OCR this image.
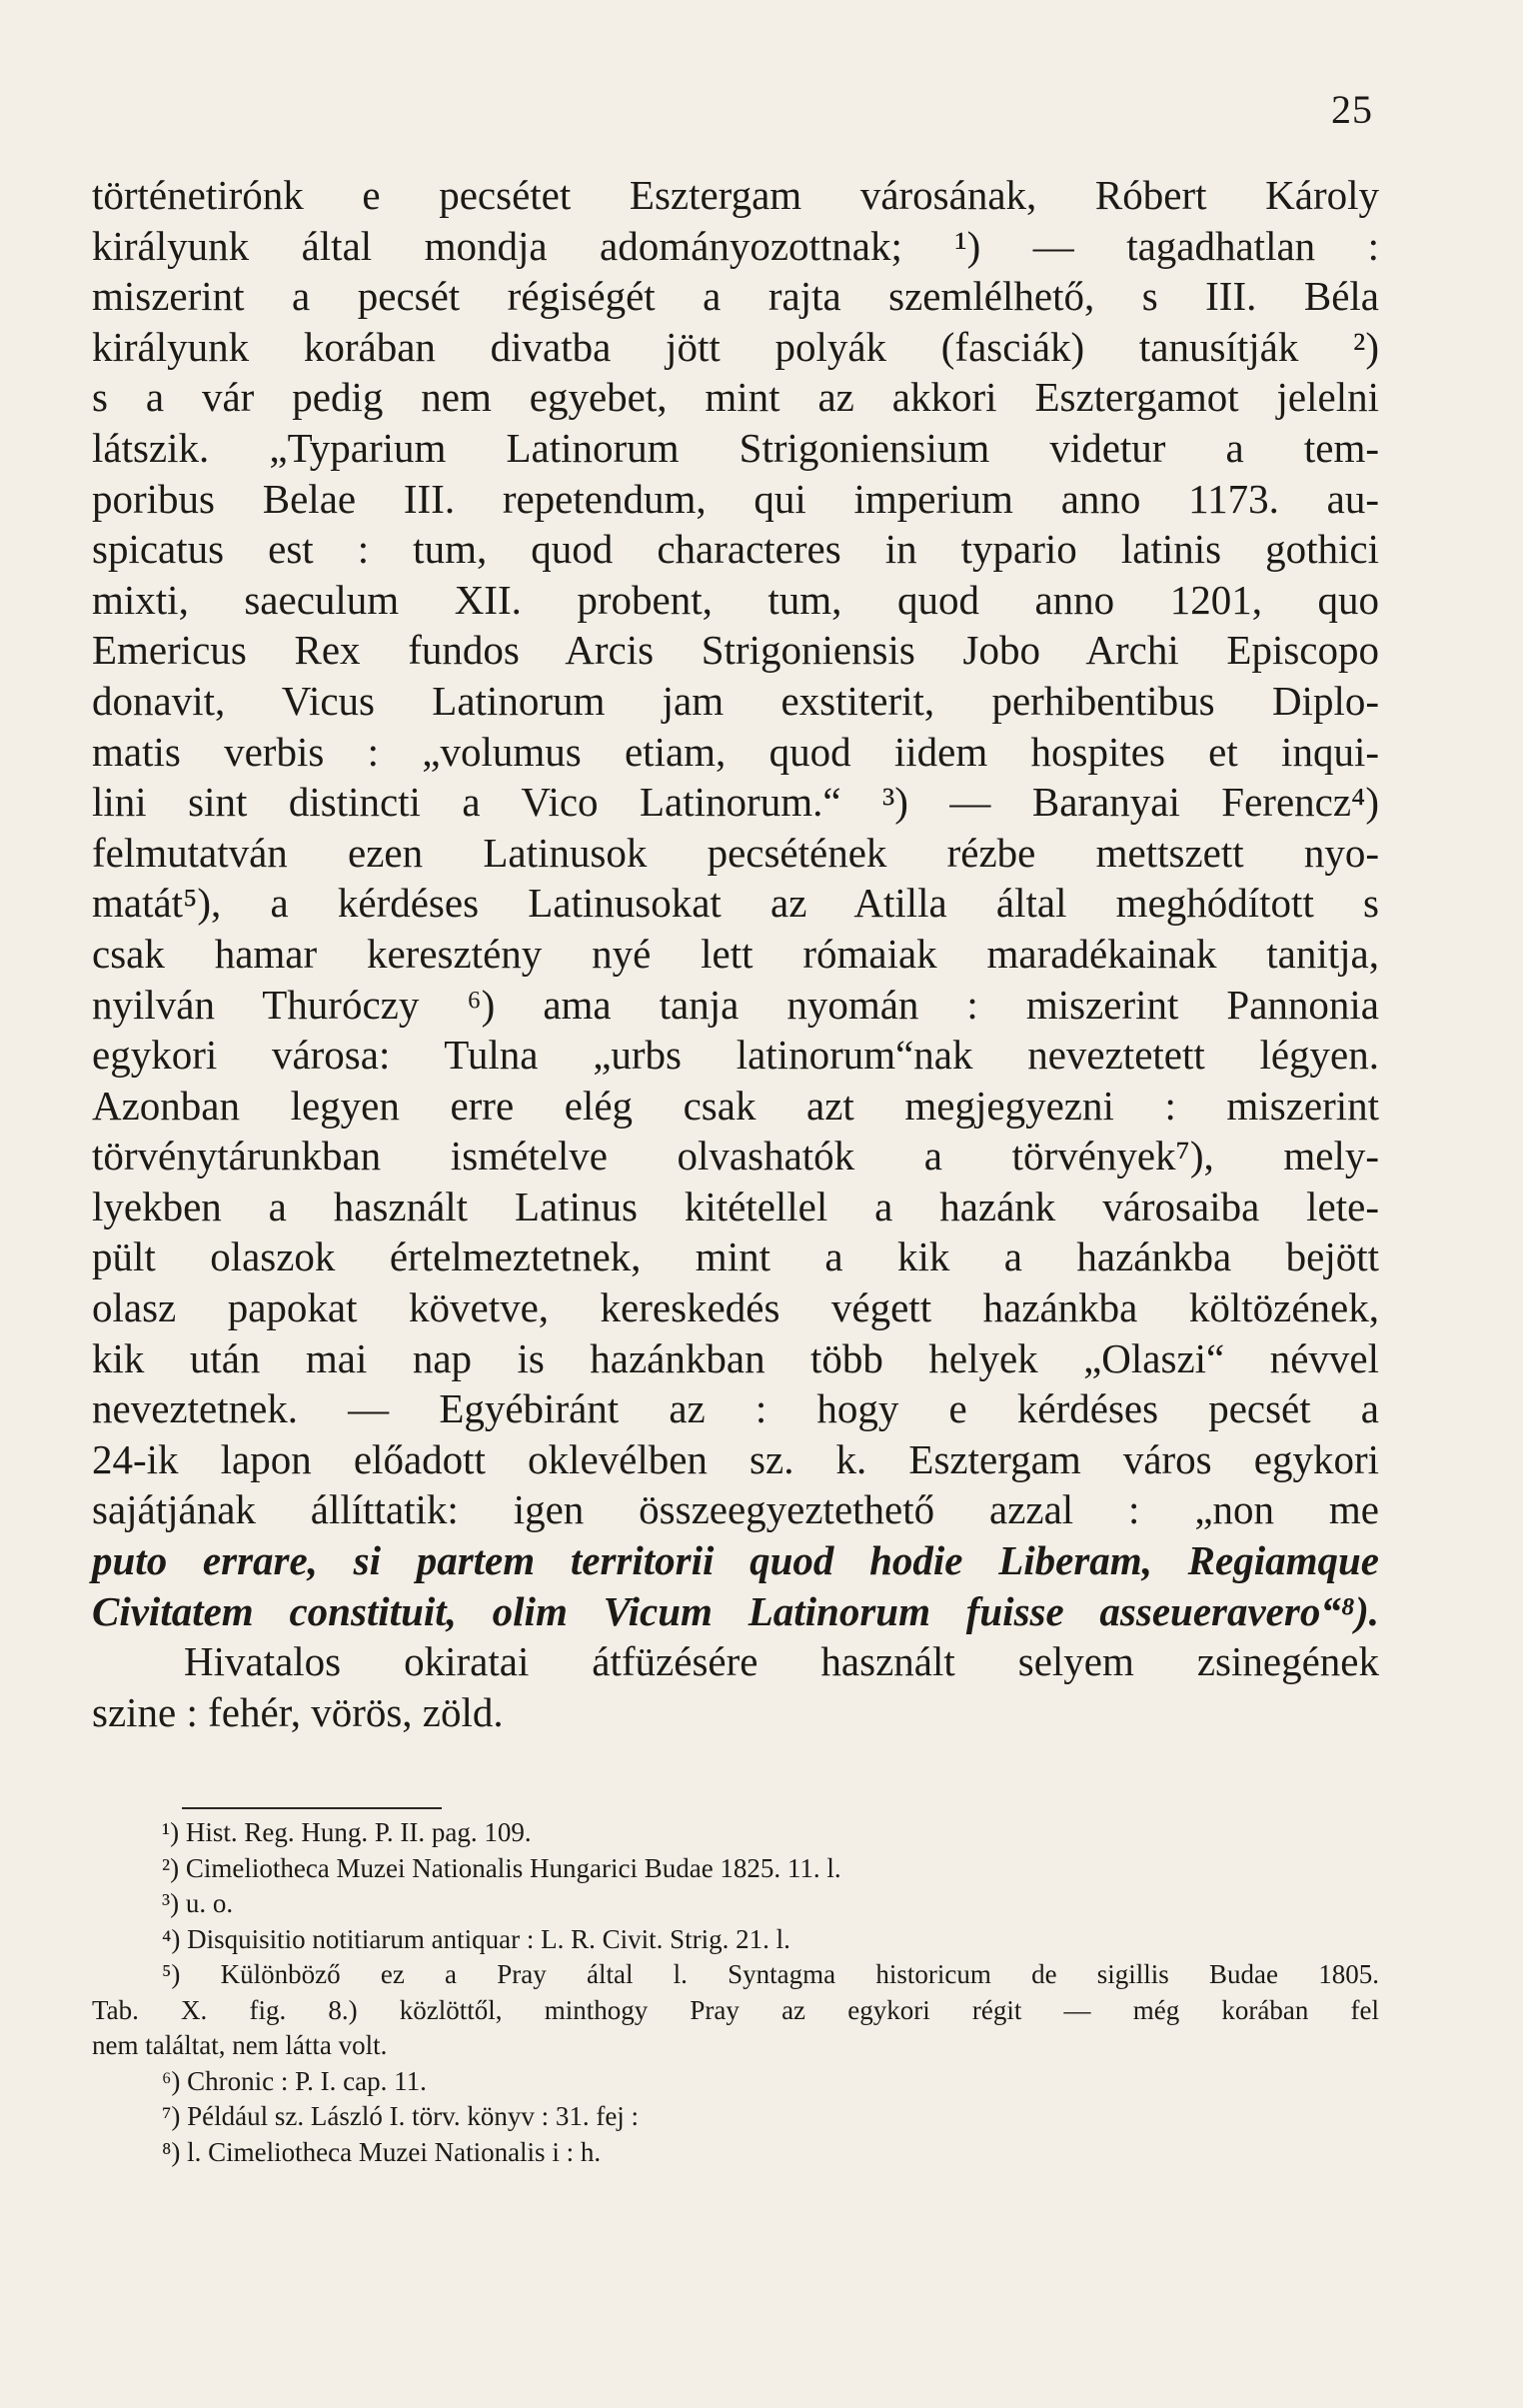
25
történetirónk e pecsétet Esztergam városának, Róbert Károly
királyunk által mondja adományozottnak; ¹) — tagadhatlan :
miszerint a pecsét régiségét a rajta szemlélhető, s III. Béla
királyunk korában divatba jött polyák (fasciák) tanusítják ²)
s a vár pedig nem egyebet, mint az akkori Esztergamot jelelni
látszik. „Typarium Latinorum Strigoniensium videtur a tem-
poribus Belae III. repetendum, qui imperium anno 1173. au-
spicatus est : tum, quod characteres in typario latinis gothici
mixti, saeculum XII. probent, tum, quod anno 1201, quo
Emericus Rex fundos Arcis Strigoniensis Jobo Archi Episcopo
donavit, Vicus Latinorum jam exstiterit, perhibentibus Diplo-
matis verbis : „volumus etiam, quod iidem hospites et inqui-
lini sint distincti a Vico Latinorum.“ ³) — Baranyai Ferencz⁴)
felmutatván ezen Latinusok pecsétének rézbe mettszett nyo-
matát⁵), a kérdéses Latinusokat az Atilla által meghódított s
csak hamar keresztény nyé lett rómaiak maradékainak tanitja,
nyilván Thuróczy ⁶) ama tanja nyomán : miszerint Pannonia
egykori városa: Tulna „urbs latinorum“nak neveztetett légyen.
Azonban legyen erre elég csak azt megjegyezni : miszerint
törvénytárunkban ismételve olvashatók a törvények⁷), mely-
lyekben a használt Latinus kitétellel a hazánk városaiba lete-
pült olaszok értelmeztetnek, mint a kik a hazánkba bejött
olasz papokat követve, kereskedés végett hazánkba költözének,
kik után mai nap is hazánkban több helyek „Olaszi“ névvel
neveztetnek. — Egyébiránt az : hogy e kérdéses pecsét a
24-ik lapon előadott oklevélben sz. k. Esztergam város egykori
sajátjának állíttatik: igen összeegyeztethető azzal : „non me
puto errare, si partem territorii quod hodie Liberam, Regiamque
Civitatem constituit, olim Vicum Latinorum fuisse asseueravero“⁸).
Hivatalos okiratai átfüzésére használt selyem zsinegének
szine : fehér, vörös, zöld.
¹) Hist. Reg. Hung. P. II. pag. 109.
²) Cimeliotheca Muzei Nationalis Hungarici Budae 1825. 11. l.
³) u. o.
⁴) Disquisitio notitiarum antiquar : L. R. Civit. Strig. 21. l.
⁵) Különböző ez a Pray által l. Syntagma historicum de sigillis Budae 1805.
Tab. X. fig. 8.) közlöttől, minthogy Pray az egykori régit — még korában fel
nem találtat, nem látta volt.
⁶) Chronic : P. I. cap. 11.
⁷) Például sz. László I. törv. könyv : 31. fej :
⁸) l. Cimeliotheca Muzei Nationalis i : h.
